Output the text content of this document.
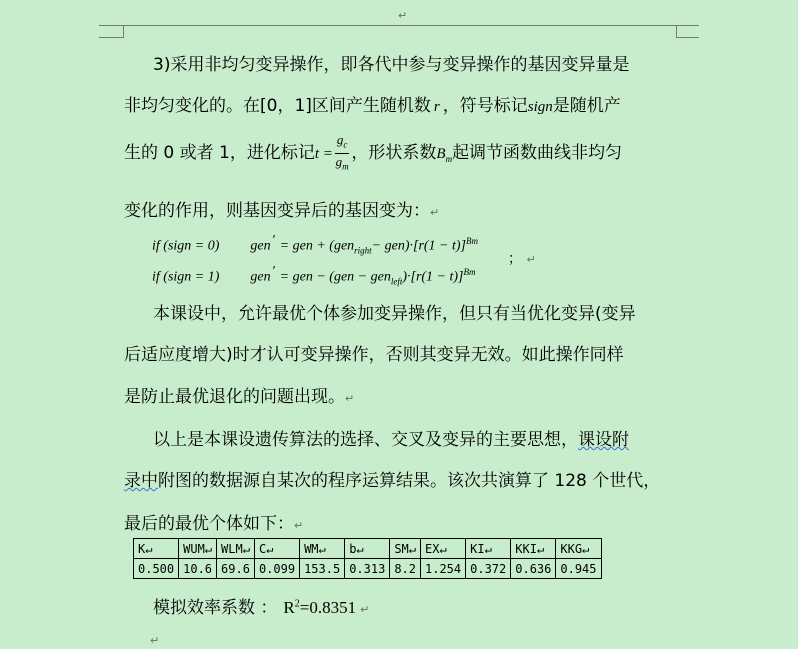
↵
3)采用非均匀变异操作，即各代中参与变异操作的基因变异量是
非均匀变化的。在[0，1]区间产生随机数 r ，符号标记sign是随机产
生的 0 或者 1，进化标记$t = \frac{g_c}{g_m}$ ，形状系数$B_m$起调节函数曲线非均匀
变化的作用，则基因变异后的基因变为：↵
if (sign = 0) gen ′ = gen + $(gen_{right}- gen)\cdot[r(1 - t)]^{Bm}$
； ↵
if (sign = 1) gen ′ = gen − $(gen - gen_{left})\cdot[r(1 - t)]^{Bm}$
本课设中，允许最优个体参加变异操作，但只有当优化变异(变异
后适应度增大)时才认可变异操作，否则其变异无效。如此操作同样
是防止最优退化的问题出现。↵
以上是本课设遗传算法的选择、交叉及变异的主要思想，课设附
录中附图的数据源自某次的程序运算结果。该次共演算了 128 个世代，
最后的最优个体如下：↵
K↵	WUM↵	WLM↵	C↵	WM↵	b↵	SM↵	EX↵	KI↵	KKI↵	KKG↵
0.500	10.6	69.6	0.099	153.5	0.313	8.2	1.254	0.372	0.636	0.945
模拟效率系数 ： $R^2=0.8351$ ↵
↵
